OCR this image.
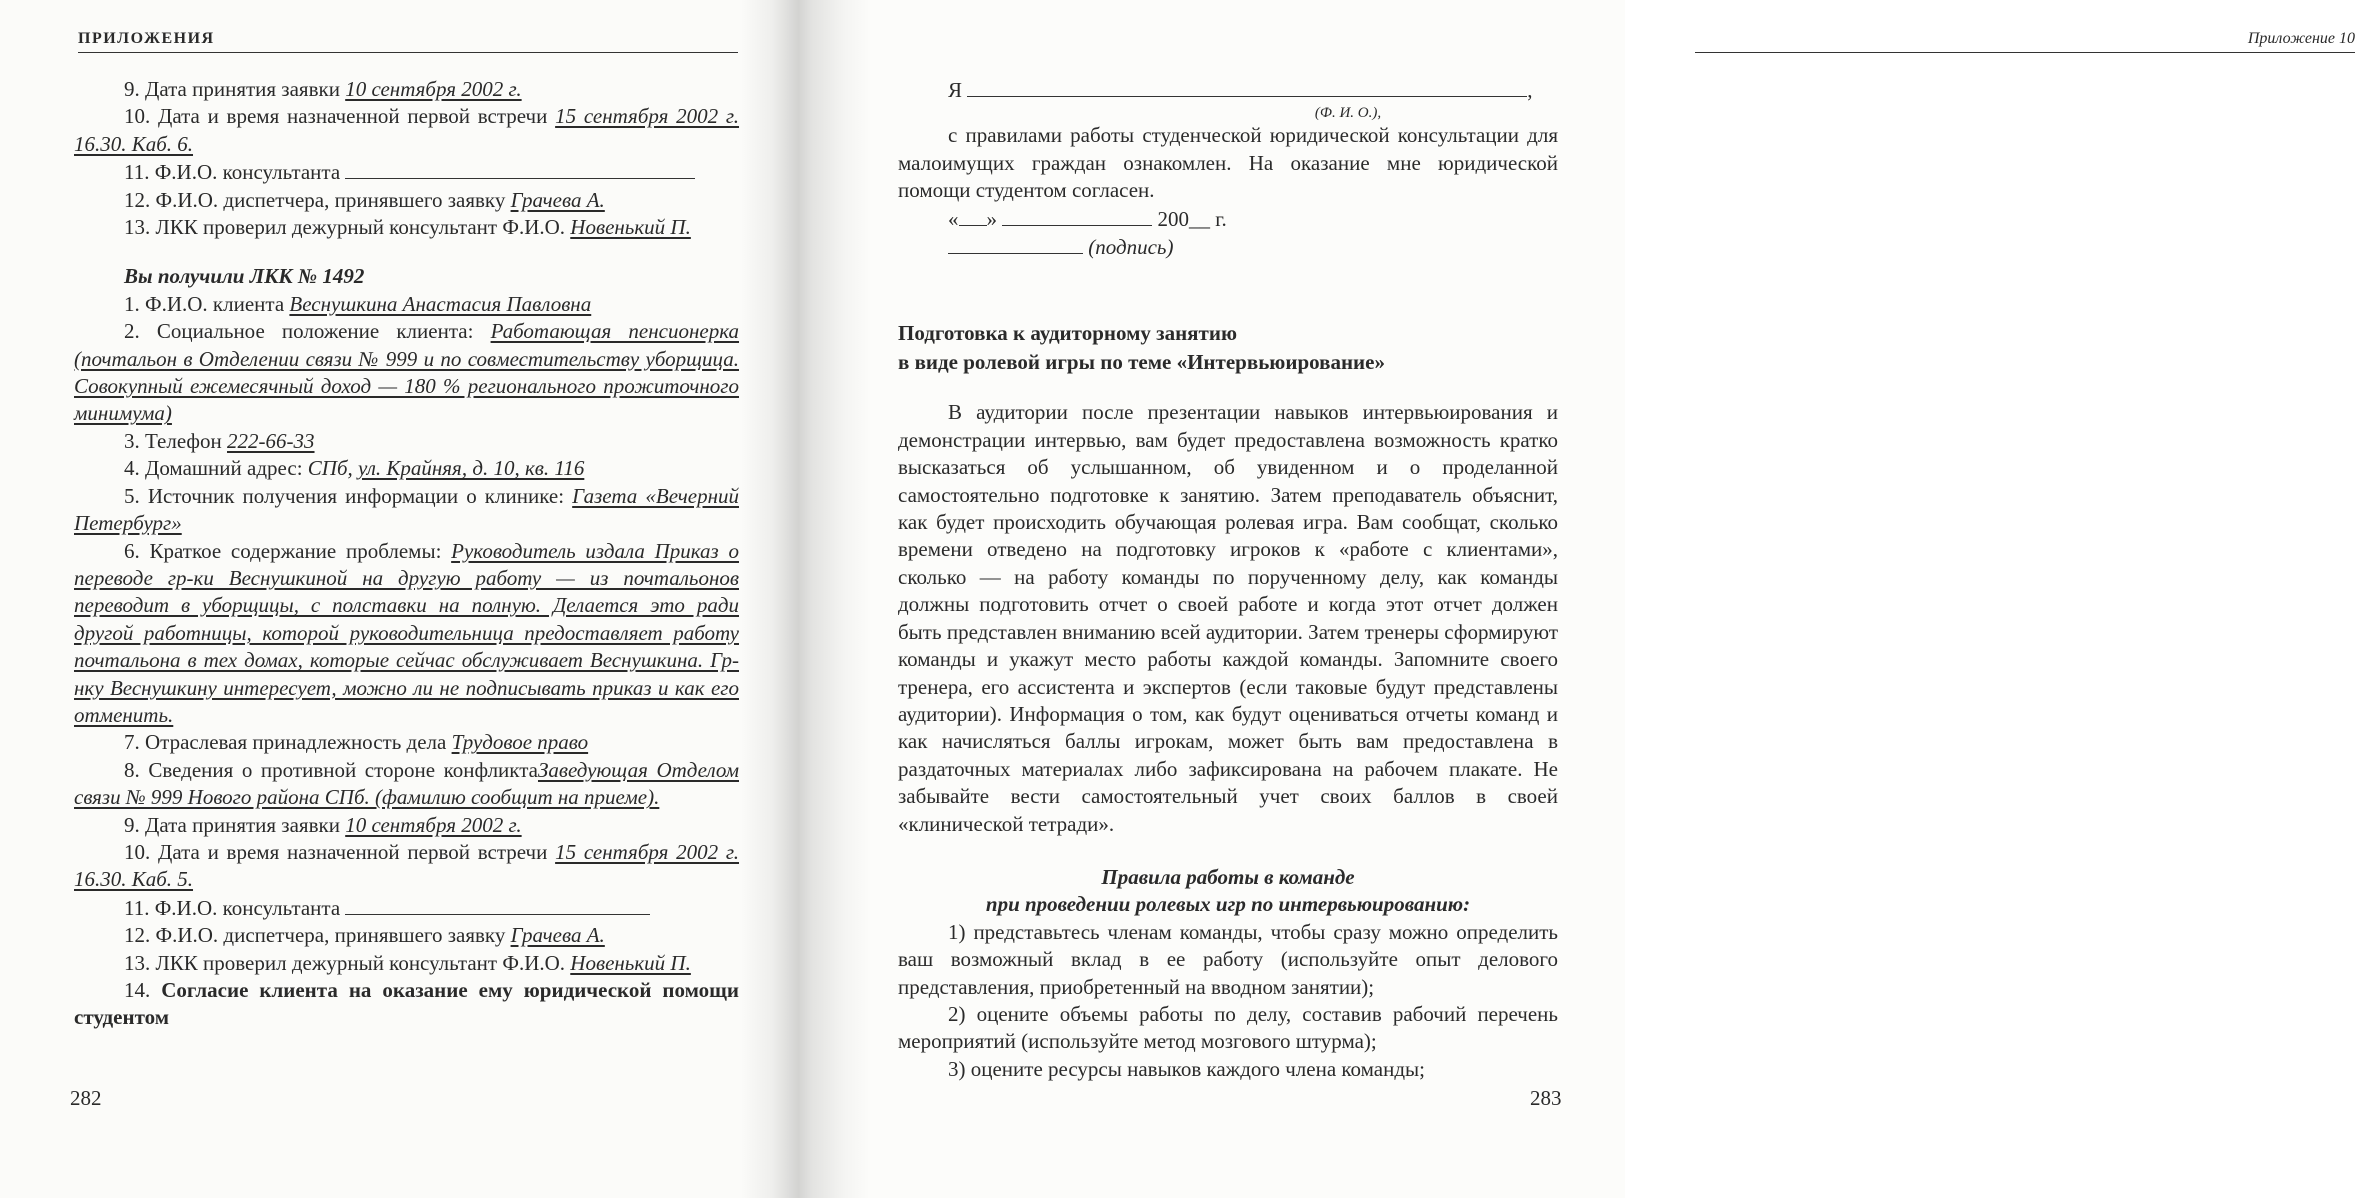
ПРИЛОЖЕНИЯ

9. Дата принятия заявки 10 сентября 2002 г.

10. Дата и время назначенной первой встречи 15 сентября 2002 г. 16.30. Каб. 6.

11. Ф.И.О. консультанта

12. Ф.И.О. диспетчера, принявшего заявку Грачева А.

13. ЛКК проверил дежурный консультант Ф.И.О. Новенький П.

Вы получили ЛКК № 1492

1. Ф.И.О. клиента Веснушкина Анастасия Павловна

2. Социальное положение клиента: Работающая пенсионерка (почтальон в Отделении связи № 999 и по совместительству уборщица. Совокупный ежемесячный доход — 180 % регионального прожиточного минимума)

3. Телефон 222-66-33

4. Домашний адрес: СПб, ул. Крайняя, д. 10, кв. 116

5. Источник получения информации о клинике: Газета «Вечерний Петербург»

6. Краткое содержание проблемы: Руководитель издала Приказ о переводе гр-ки Веснушкиной на другую работу — из почтальонов переводит в уборщицы, с полставки на полную. Делается это ради другой работницы, которой руководительница предоставляет работу почтальона в тех домах, которые сейчас обслуживает Веснушкина. Гр-нку Веснушкину интересует, можно ли не подписывать приказ и как его отменить.

7. Отраслевая принадлежность дела Трудовое право

8. Сведения о противной стороне конфликтаЗаведующая Отделом связи № 999 Нового района СПб. (фамилию сообщит на приеме).

9. Дата принятия заявки 10 сентября 2002 г.

10. Дата и время назначенной первой встречи 15 сентября 2002 г. 16.30. Каб. 5.

11. Ф.И.О. консультанта

12. Ф.И.О. диспетчера, принявшего заявку Грачева А.

13. ЛКК проверил дежурный консультант Ф.И.О. Новенький П.

14. Согласие клиента на оказание ему юридической помощи студентом

282
Приложение 10

Я	,

(Ф. И. О.),

с правилами работы студенческой юридической консультации для малоимущих граждан ознакомлен. На оказание мне юридической помощи студентом согласен.

« »	200__ г.

(подпись)

Подготовка к аудиторному занятию

в виде ролевой игры по теме «Интервьюирование»

В аудитории после презентации навыков интервьюирования и демонстрации интервью, вам будет предоставлена возможность кратко высказаться об услышанном, об увиденном и о проделанной самостоятельно подготовке к занятию. Затем преподаватель объяснит, как будет происходить обучающая ролевая игра. Вам сообщат, сколько времени отведено на подготовку игроков к «работе с клиентами», сколько — на работу команды по порученному делу, как команды должны подготовить отчет о своей работе и когда этот отчет должен быть представлен вниманию всей аудитории. Затем тренеры сформируют команды и укажут место работы каждой команды. Запомните своего тренера, его ассистента и экспертов (если таковые будут представлены аудитории). Информация о том, как будут оцениваться отчеты команд и как начисляться баллы игрокам, может быть вам предоставлена в раздаточных материалах либо зафиксирована на рабочем плакате. Не забывайте вести самостоятельный учет своих баллов в своей «клинической тетради».

Правила работы в команде

при проведении ролевых игр по интервьюированию:

1) представьтесь членам команды, чтобы сразу можно определить ваш возможный вклад в ее работу (используйте опыт делового представления, приобретенный на вводном занятии);

2) оцените объемы работы по делу, составив рабочий перечень мероприятий (используйте метод мозгового штурма);

3) оцените ресурсы навыков каждого члена команды;

283
